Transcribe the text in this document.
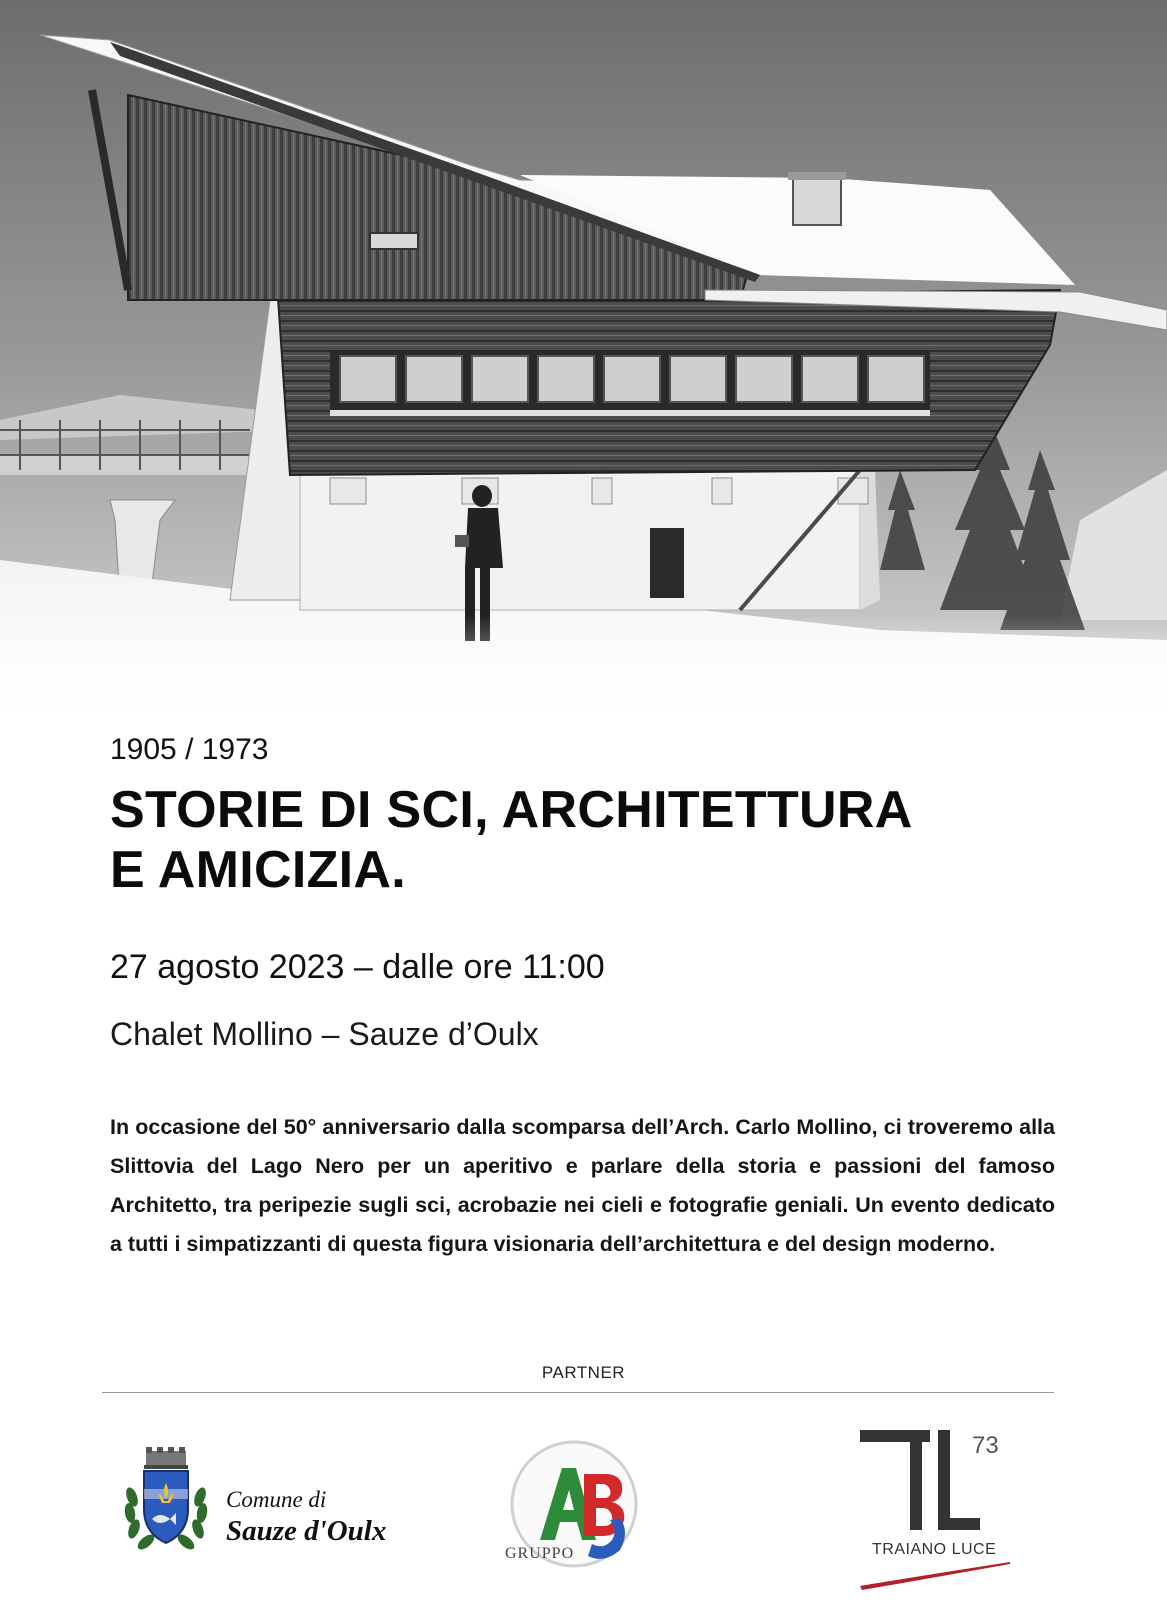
1905 / 1973
STORIE DI SCI, ARCHITETTURA
E AMICIZIA.
27 agosto 2023 – dalle ore 11:00
Chalet Mollino – Sauze d’Oulx
In occasione del 50° anniversario dalla scomparsa dell’Arch. Carlo Mollino, ci troveremo alla Slittovia del Lago Nero per un aperitivo e parlare della storia e passioni del famoso Architetto, tra peripezie sugli sci, acrobazie nei cieli e fotografie geniali. Un evento dedicato a tutti i simpatizzanti di questa figura visionaria dell’architettura e del design moderno.
PARTNER
Comune di
Sauze d'Oulx
GRUPPO
73
TRAIANO LUCE
